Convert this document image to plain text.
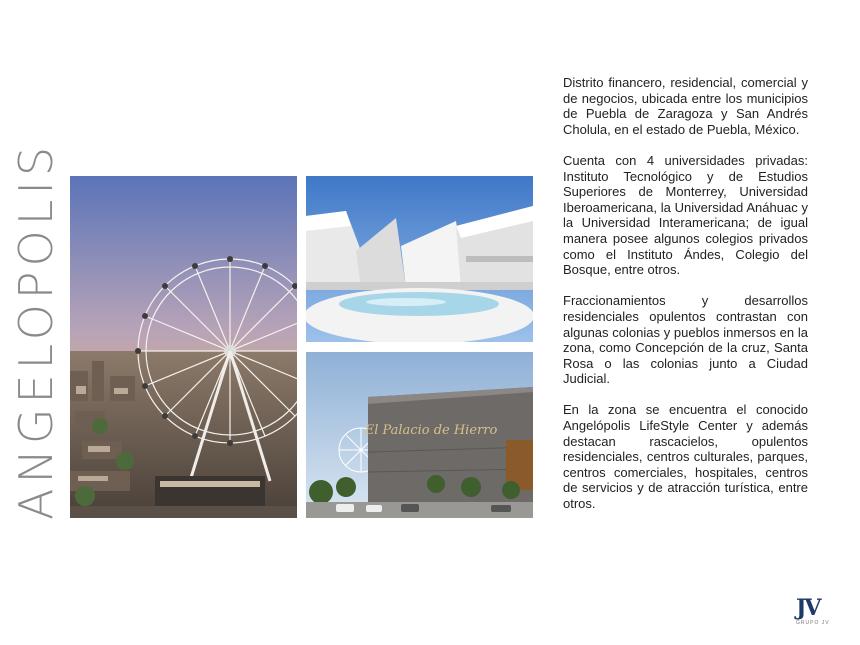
ANGELOPOLIS	El Palacio de Hierro

Distrito financero, residencial, comercial y de negocios, ubicada entre los municipios de Puebla de Zaragoza y San Andrés Cholula, en el estado de Puebla, México.

Cuenta con 4 universidades privadas: Instituto Tecnológico y de Estudios Superiores de Monterrey, Universidad Iberoamericana, la Universidad Anáhuac y la Universidad Interamericana; de igual manera posee algunos colegios privados como el Instituto Ándes, Colegio del Bosque, entre otros.

Fraccionamientos y desarrollos residenciales opulentos contrastan con algunas colonias y pueblos inmersos en la zona, como Concepción de la cruz, Santa Rosa o las colonias junto a Ciudad Judicial.

En la zona se encuentra el conocido Angelópolis LifeStyle Center y además destacan rascacielos, opulentos residenciales, centros culturales, parques, centros comerciales, hospitales, centros de servicios y de atracción turística, entre otros.

JV
GRUPO JV
